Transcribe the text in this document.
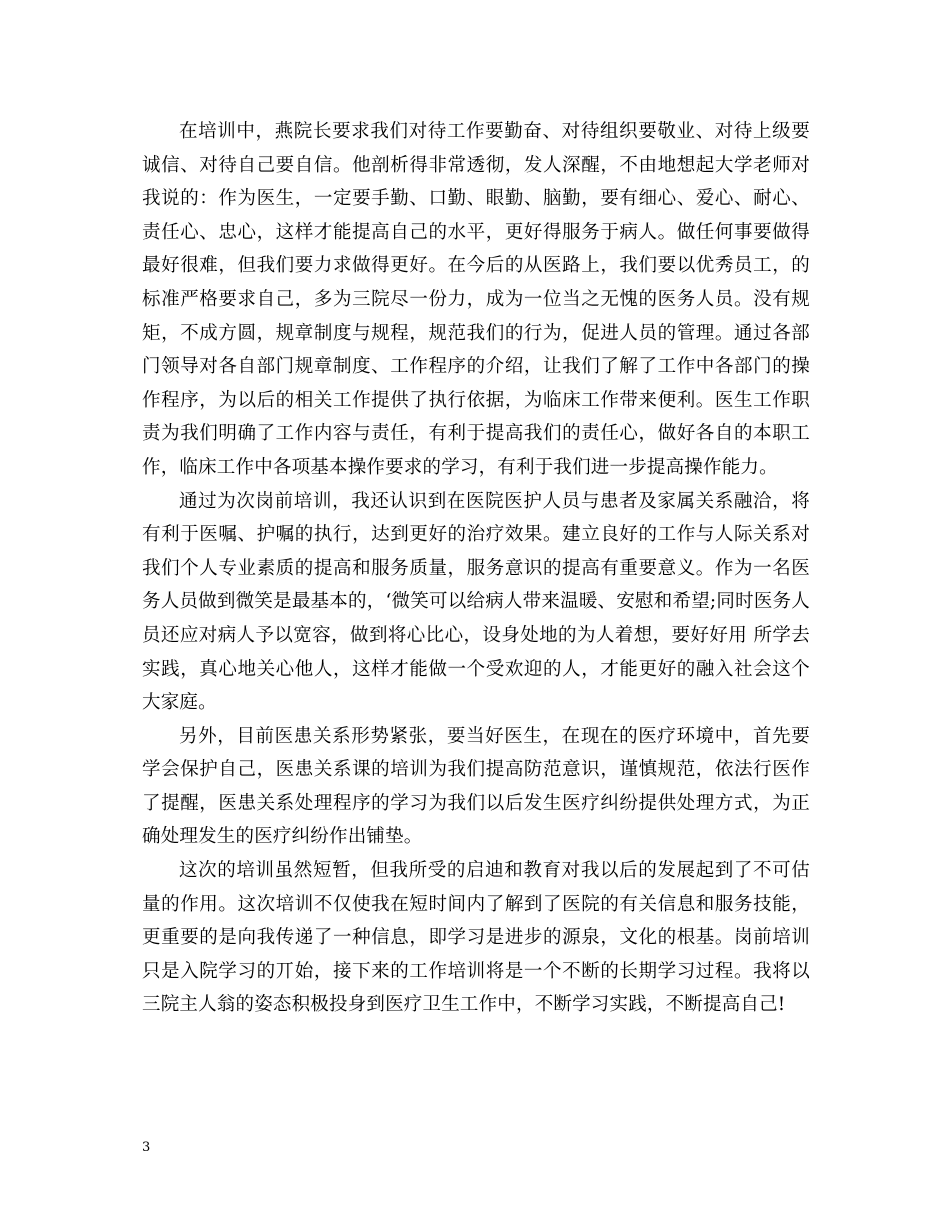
在培训中，燕院长要求我们对待工作要勤奋、对待组织要敬业、对待上级要诚信、对待自己要自信。他剖析得非常透彻，发人深醒，不由地想起大学老师对我说的：作为医生，一定要手勤、口勤、眼勤、脑勤，要有细心、爱心、耐心、责任心、忠心，这样才能提高自己的水平，更好得服务于病人。做任何事要做得最好很难，但我们要力求做得更好。在今后的从医路上，我们要以优秀员工，的标准严格要求自己，多为三院尽一份力，成为一位当之无愧的医务人员。没有规矩，不成方圆，规章制度与规程，规范我们的行为，促进人员的管理。通过各部门领导对各自部门规章制度、工作程序的介绍，让我们了解了工作中各部门的操作程序，为以后的相关工作提供了执行依据，为临床工作带来便利。医生工作职责为我们明确了工作内容与责任，有利于提高我们的责任心，做好各自的本职工作，临床工作中各项基本操作要求的学习，有利于我们进一步提高操作能力。

通过为次岗前培训，我还认识到在医院医护人员与患者及家属关系融洽，将有利于医嘱、护嘱的执行，达到更好的治疗效果。建立良好的工作与人际关系对我们个人专业素质的提高和服务质量，服务意识的提高有重要意义。作为一名医务人员做到微笑是最基本的，‘微笑可以给病人带来温暖、安慰和希望;同时医务人员还应对病人予以宽容，做到将心比心，设身处地的为人着想，要好好用 所学去实践，真心地关心他人，这样才能做一个受欢迎的人，才能更好的融入社会这个大家庭。

另外，目前医患关系形势紧张，要当好医生，在现在的医疗环境中，首先要学会保护自己，医患关系课的培训为我们提高防范意识，谨慎规范，依法行医作了提醒，医患关系处理程序的学习为我们以后发生医疗纠纷提供处理方式，为正确处理发生的医疗纠纷作出铺垫。

这次的培训虽然短暂，但我所受的启迪和教育对我以后的发展起到了不可估量的作用。这次培训不仅使我在短时间内了解到了医院的有关信息和服务技能，更重要的是向我传递了一种信息，即学习是进步的源泉，文化的根基。岗前培训只是入院学习的丌始，接下来的工作培训将是一个不断的长期学习过程。我将以三院主人翁的姿态积极投身到医疗卫生工作中，不断学习实践，不断提高自己!

3
